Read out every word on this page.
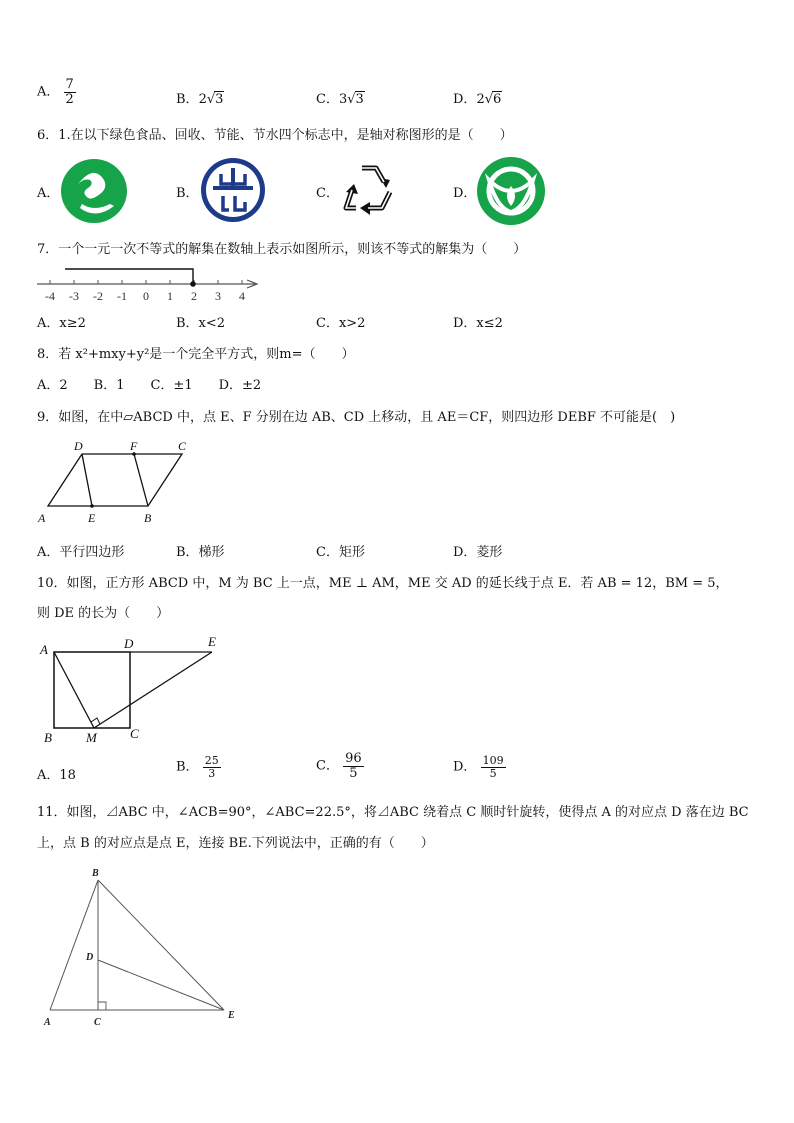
A． $\frac{7}{2}$	B．2√ 3	C．3√ 3	D．2√ 6
6．1.在以下绿色食品、回收、节能、节水四个标志中，是轴对称图形的是（　　）
A．	B．	C．	D．
7．一个一元一次不等式的解集在数轴上表示如图所示，则该不等式的解集为（　　）
-4 -3 -2 -1 0 1 2 3 4
A．x≥2	B．x<2	C．x>2	D．x≤2
8．若 x²+mxy+y²是一个完全平方式，则m=（　　）
A．2　　B．1　　C．±1　　D．±2
9．如图，在中▱ABCD 中，点 E、F 分别在边 AB、CD 上移动，且 AE＝CF，则四边形 DEBF 不可能是(　)
A	B
C
D
E
F
A．平行四边形	B．梯形	C．矩形	D．菱形
10．如图，正方形 ABCD 中，M 为 BC 上一点，ME ⊥ AM，ME 交 AD 的延长线于点 E．若 AB = 12，BM = 5，
则 DE 的长为（　　）
A	D	E
B	M	C
A．18
B． $\frac{25}{3}$	C． $\frac{96}{5}$	D． $\frac{109}{5}$
11．如图，⊿ABC 中，∠ACB=90°，∠ABC=22.5°，将⊿ABC 绕着点 C 顺时针旋转，使得点 A 的对应点 D 落在边 BC
上，点 B 的对应点是点 E，连接 BE.下列说法中，正确的有（　　）
B
D
A	C
E
